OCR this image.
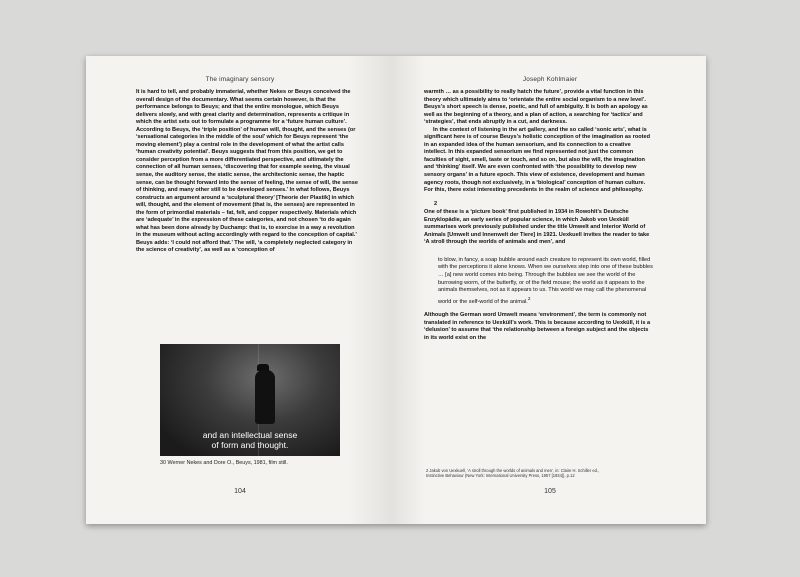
The imaginary sensory

It is hard to tell, and probably immaterial, whether Nekes or Beuys conceived the overall design of the documentary. What seems certain however, is that the performance belongs to Beuys; and that the entire monologue, which Beuys delivers slowly, and with great clarity and determination, represents a critique in which the artist sets out to formulate a programme for a ‘future human culture’. According to Beuys, the ‘triple position’ of human will, thought, and the senses (or ‘sensational categories in the middle of the soul’ which for Beuys represent ‘the moving element’) play a central role in the development of what the artist calls ‘human creativity potential’. Beuys suggests that from this position, we get to consider perception from a more differentiated perspective, and ultimately the connection of all human senses, ‘discovering that for example seeing, the visual sense, the auditory sense, the static sense, the architectonic sense, the haptic sense, can be thought forward into the sense of feeling, the sense of will, the sense of thinking, and many other still to be developed senses.’ In what follows, Beuys constructs an argument around a ‘sculptural theory’ [Theorie der Plastik] in which will, thought, and the element of movement (that is, the senses) are represented in the form of primordial materials – fat, felt, and copper respectively. Materials which are ‘adequate’ in the expression of these categories, and not chosen ‘to do again what has been done already by Duchamp: that is, to exercise in a way a revolution in the museum without acting accordingly with regard to the conception of capital.’ Beuys adds: ‘I could not afford that.’ The will, ‘a completely neglected category in the science of creativity’, as well as a ‘conception of

and an intellectual sense
of form and thought.
30 Werner Nekes and Dore O., Beuys, 1981, film still.
104
Joseph Kohlmaier

warmth … as a possibility to really hatch the future’, provide a vital function in this theory which ultimately aims to ‘orientate the entire social organism to a new level’. Beuys’s short speech is dense, poetic, and full of ambiguity. It is both an apology as well as the beginning of a theory, and a plan of action, a searching for ‘tactics’ and ‘strategies’, that ends abruptly in a cut, and darkness.

In the context of listening in the art gallery, and the so called ‘sonic arts’, what is significant here is of course Beuys’s holistic conception of the imagination as rooted in an expanded idea of the human sensorium, and its connection to a creative intellect. In this expanded sensorium we find represented not just the common faculties of sight, smell, taste or touch, and so on, but also the will, the imagination and ‘thinking’ itself. We are even confronted with ‘the possibility to develop new sensory organs’ in a future epoch. This view of existence, development and human agency roots, though not exclusively, in a ‘biological’ conception of human culture. For this, there exist interesting precedents in the realm of science and philosophy.

2

One of these is a ‘picture book’ first published in 1934 in Rowohlt’s Deutsche Enzyklopädie, an early series of popular science, in which Jakob von Uexküll summarises work previously published under the title Umwelt and Interior World of Animals [Umwelt und Innenwelt der Tiere] in 1921. Uexkuell invites the reader to take ‘A stroll through the worlds of animals and men’, and

to blow, in fancy, a soap bubble around each creature to represent its own world, filled with the perceptions it alone knows. When we ourselves step into one of these bubbles … [a] new world comes into being. Through the bubbles we see the world of the burrowing worm, of the butterfly, or of the field mouse; the world as it appears to the animals themselves, not as it appears to us. This world we may call the phenomenal world or the self-world of the animal.$^2$

Although the German word Umwelt means ‘environment’, the term is commonly not translated in reference to Uexküll’s work. This is because according to Uexküll, it is a ‘delusion’ to assume that ‘the relationship between a foreign subject and the objects in its world exist on the

2 Jakob von Uexkuell, ‘A stroll through the worlds of animals and men’, in: Claire H. Schiller ed.,

Instinctive Behaviour (New York: International University Press, 1957 [1934]), p.12

105
